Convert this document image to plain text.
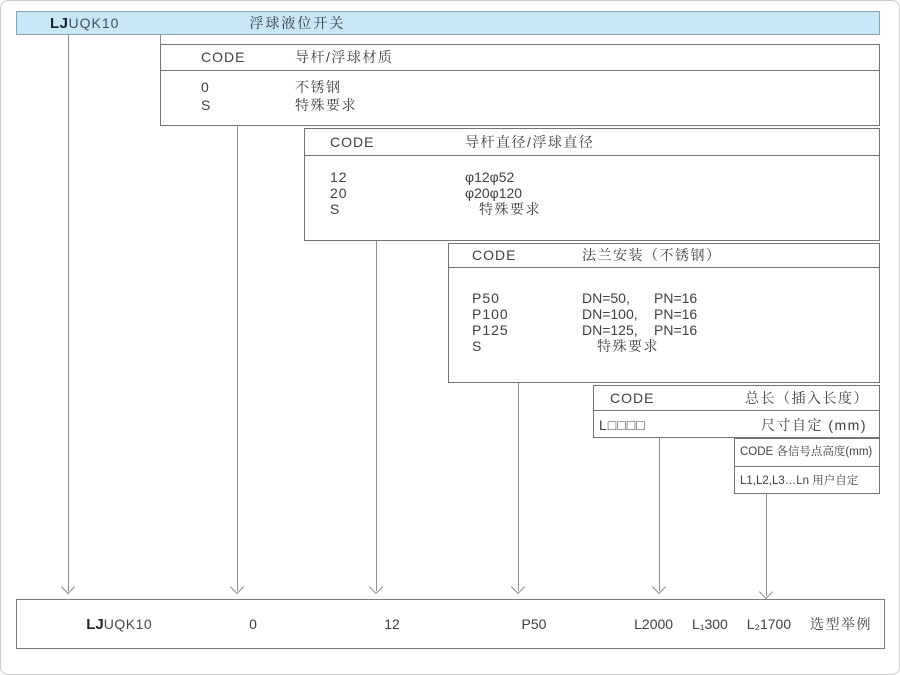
LJUQK10	浮球液位开关
CODE	导杆/浮球材质
0	不锈钢
S	特殊要求
CODE	导杆直径/浮球直径
12	φ12φ52
20	φ20φ120
S	特殊要求
CODE	法兰安装（不锈钢）
P50	DN=50, PN=16
P100	DN=100, PN=16
P125	DN=125, PN=16
S	特殊要求
CODE	总长（插入长度）
L□□□□	尺寸自定 (mm)
CODE 各信号点高度(mm)
L1,L2,L3…Ln 用户自定
LJ UQK10	0	12	P50	L2000 L₁300 L₂1700 选型举例
